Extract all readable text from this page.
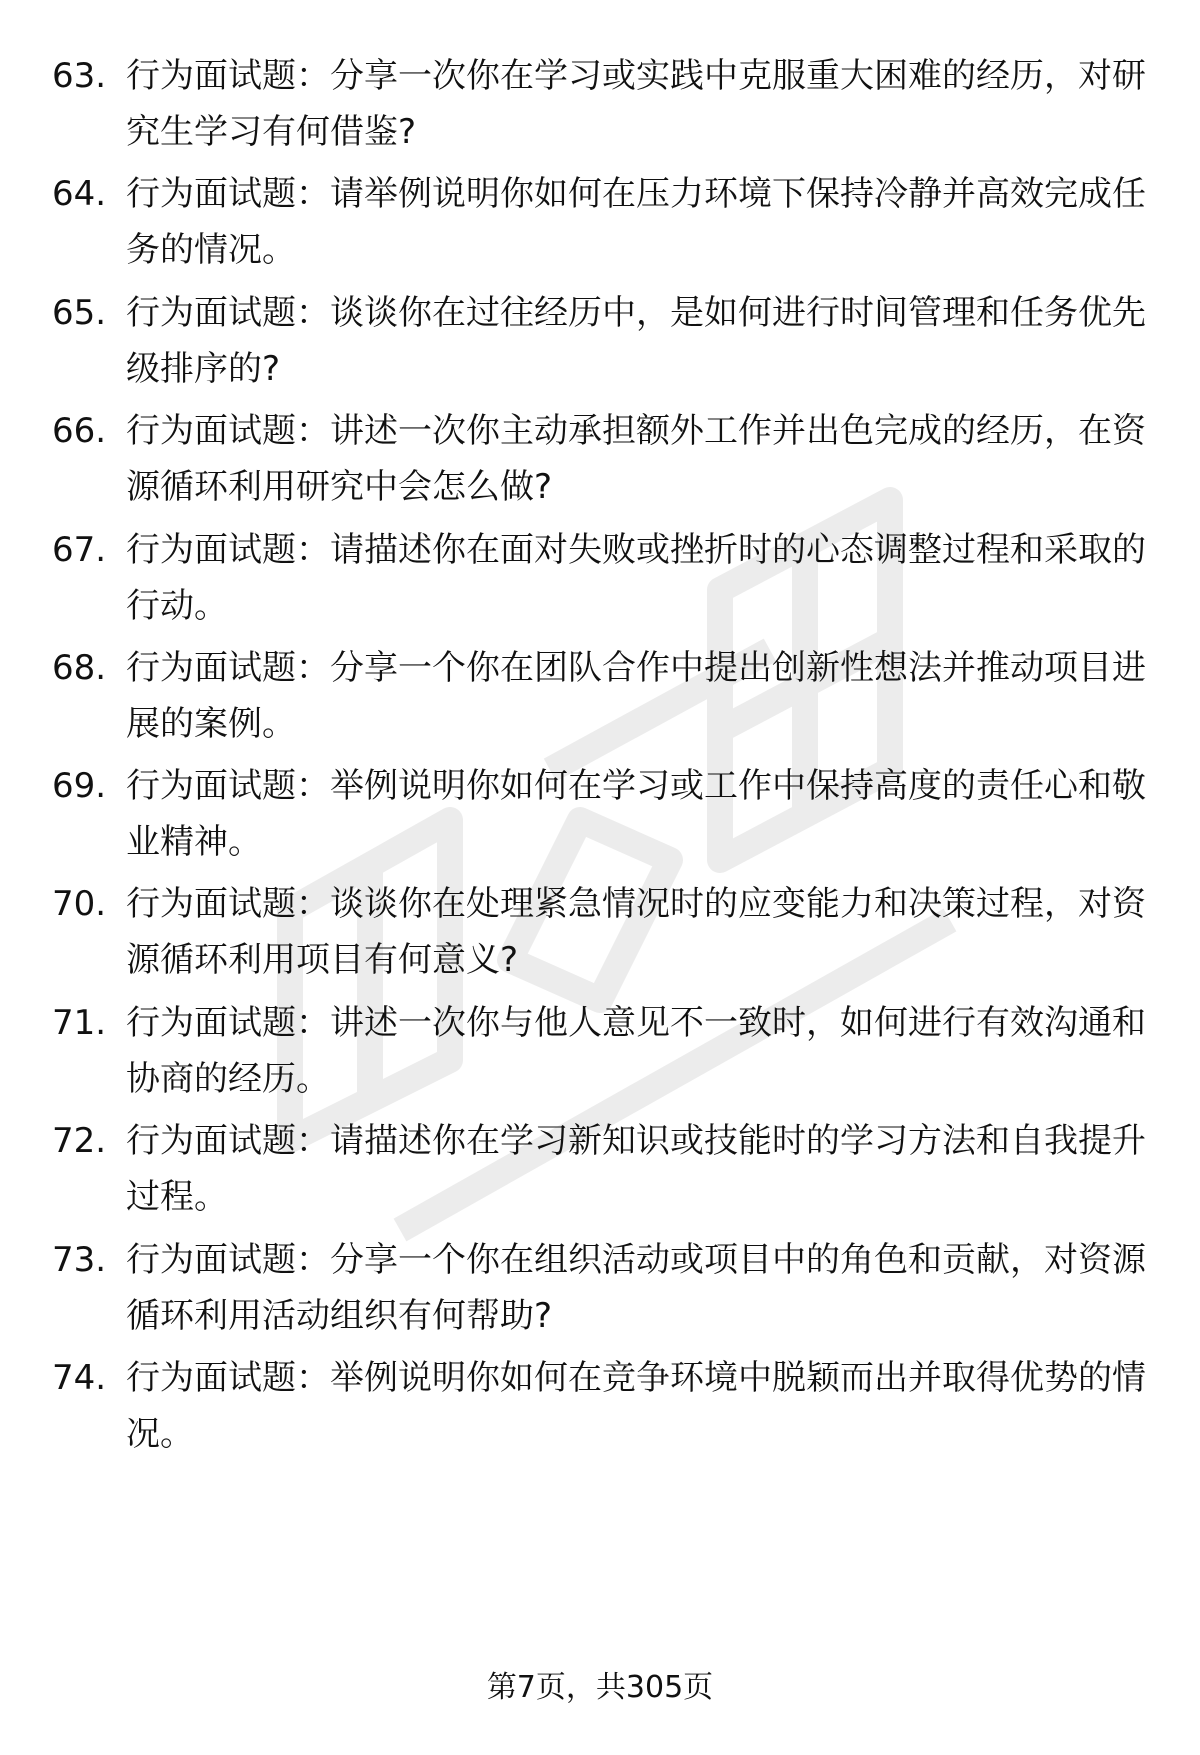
63. 行为面试题：分享一次你在学习或实践中克服重大困难的经历，对研究生学习有何借鉴?
64. 行为面试题：请举例说明你如何在压力环境下保持冷静并高效完成任务的情况。
65. 行为面试题：谈谈你在过往经历中，是如何进行时间管理和任务优先级排序的?
66. 行为面试题：讲述一次你主动承担额外工作并出色完成的经历，在资源循环利用研究中会怎么做?
67. 行为面试题：请描述你在面对失败或挫折时的心态调整过程和采取的行动。
68. 行为面试题：分享一个你在团队合作中提出创新性想法并推动项目进展的案例。
69. 行为面试题：举例说明你如何在学习或工作中保持高度的责任心和敬业精神。
70. 行为面试题：谈谈你在处理紧急情况时的应变能力和决策过程，对资源循环利用项目有何意义?
71. 行为面试题：讲述一次你与他人意见不一致时，如何进行有效沟通和协商的经历。
72. 行为面试题：请描述你在学习新知识或技能时的学习方法和自我提升过程。
73. 行为面试题：分享一个你在组织活动或项目中的角色和贡献，对资源循环利用活动组织有何帮助?
74. 行为面试题：举例说明你如何在竞争环境中脱颖而出并取得优势的情况。
第7页，共305页
